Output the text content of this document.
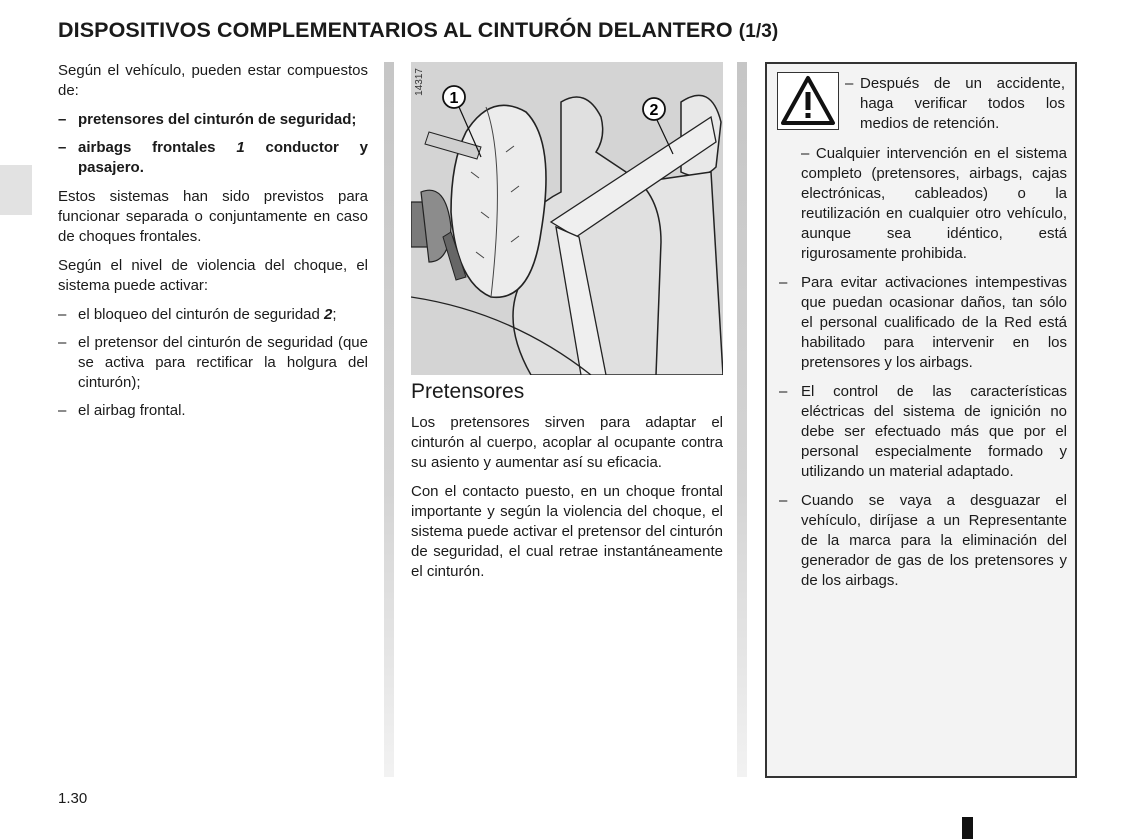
DISPOSITIVOS COMPLEMENTARIOS AL CINTURÓN DELANTERO (1/3)

Según el vehículo, pueden estar compuestos de:

– pretensores del cinturón de seguridad;
– airbags frontales 1 conductor y pasajero.

Estos sistemas han sido previstos para funcionar separada o conjuntamente en caso de choques frontales.

Según el nivel de violencia del choque, el sistema puede activar:

– el bloqueo del cinturón de seguridad 2;
– el pretensor del cinturón de seguridad (que se activa para rectificar la holgura del cinturón);
– el airbag frontal.
1
2
14317
Pretensores

Los pretensores sirven para adaptar el cinturón al cuerpo, acoplar al ocupante contra su asiento y aumentar así su eficacia.

Con el contacto puesto, en un choque frontal importante y según la violencia del choque, el sistema puede activar el pretensor del cinturón de seguridad, el cual retrae instantáneamente el cinturón.

– Después de un accidente, haga verificar todos los medios de retención.
– Cualquier intervención en el sistema completo (pretensores, airbags, cajas electrónicas, cableados) o la reutilización en cualquier otro vehículo, aunque sea idéntico, está rigurosamente prohibida.
– Para evitar activaciones intempestivas que puedan ocasionar daños, tan sólo el personal cualificado de la Red está habilitado para intervenir en los pretensores y los airbags.
– El control de las características eléctricas del sistema de ignición no debe ser efectuado más que por el personal especialmente formado y utilizando un material adaptado.
– Cuando se vaya a desguazar el vehículo, diríjase a un Representante de la marca para la eliminación del generador de gas de los pretensores y de los airbags.
1.30
